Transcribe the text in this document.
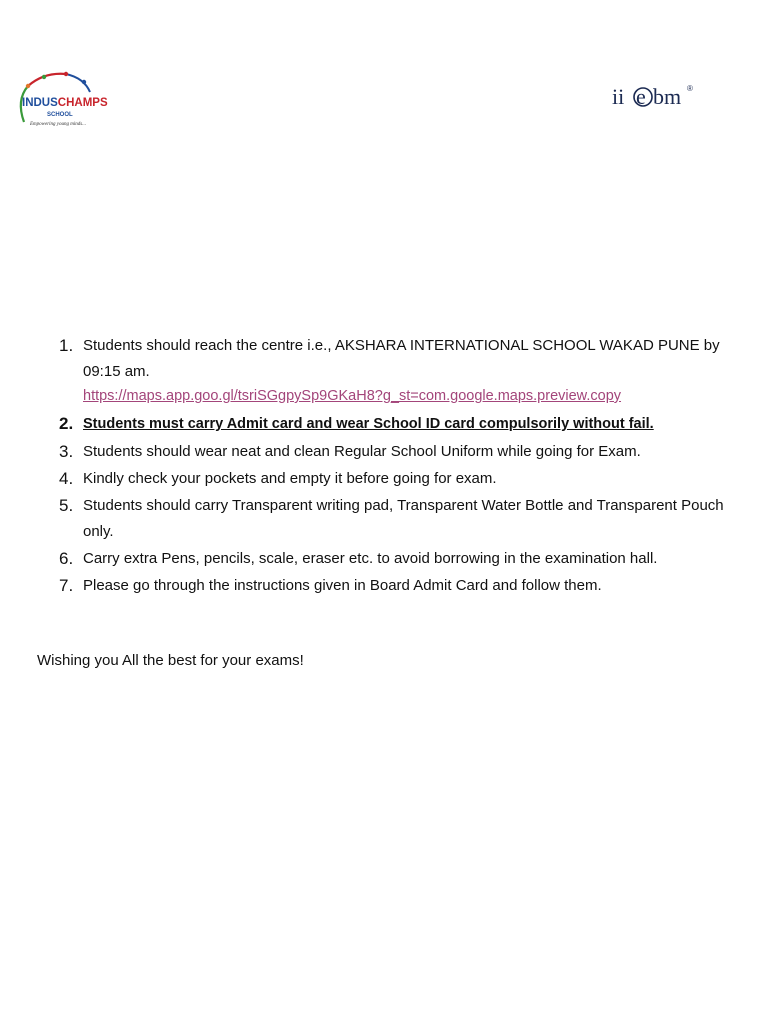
INDUSCHAMPS
SCHOOL
Empowering young minds...
ii e bm ®
1. Students should reach the centre i.e., AKSHARA INTERNATIONAL SCHOOL WAKAD PUNE by 09:15 am.
https://maps.app.goo.gl/tsriSGgpySp9GKaH8?g_st=com.google.maps.preview.copy
2. Students must carry Admit card and wear School ID card compulsorily without fail.
3. Students should wear neat and clean Regular School Uniform while going for Exam.
4. Kindly check your pockets and empty it before going for exam.
5. Students should carry Transparent writing pad, Transparent Water Bottle and Transparent Pouch only.
6. Carry extra Pens, pencils, scale, eraser etc. to avoid borrowing in the examination hall.
7. Please go through the instructions given in Board Admit Card and follow them.

Wishing you All the best for your exams!
